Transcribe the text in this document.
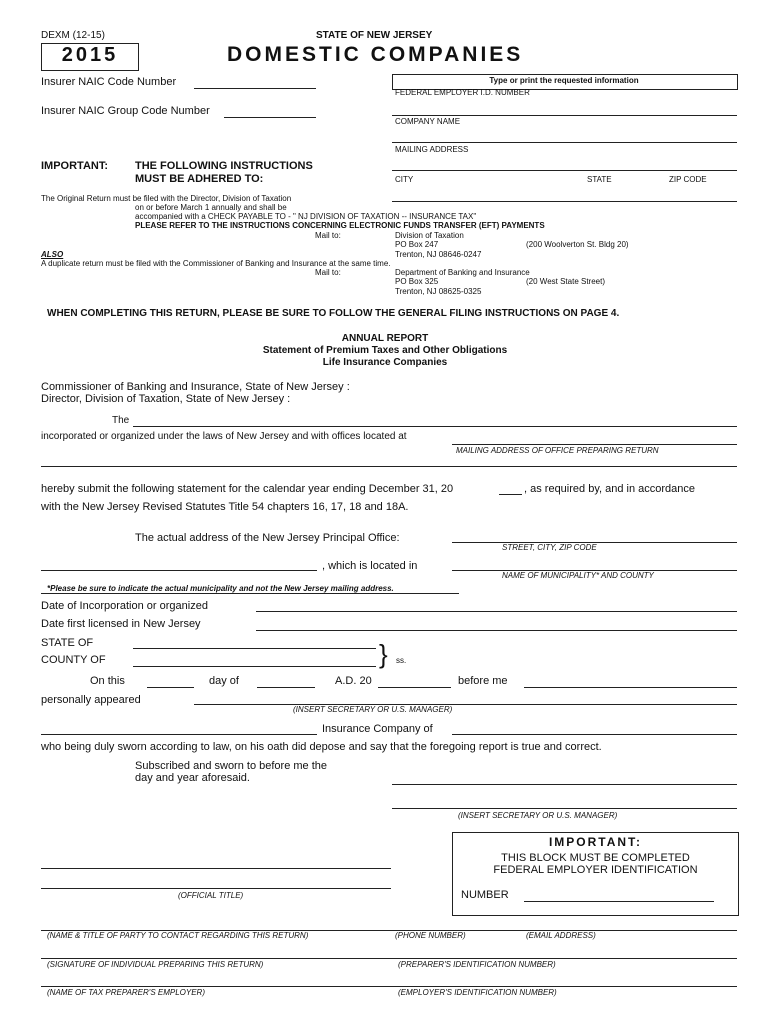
DEXM (12-15)	STATE OF NEW JERSEY
2015	DOMESTIC COMPANIES
Insurer NAIC Code Number
Insurer NAIC Group Code Number
Type or print the requested information
FEDERAL EMPLOYER I.D. NUMBER
COMPANY NAME
MAILING ADDRESS
CITY	STATE	ZIP CODE
IMPORTANT: THE FOLLOWING INSTRUCTIONS
MUST BE ADHERED TO:
The Original Return must be filed with the Director, Division of Taxation
on or before March 1 annually and shall be
accompanied with a CHECK PAYABLE TO - " NJ DIVISION OF TAXATION -- INSURANCE TAX"
PLEASE REFER TO THE INSTRUCTIONS CONCERNING ELECTRONIC FUNDS TRANSFER (EFT) PAYMENTS
Mail to:	Division of Taxation
PO Box 247	(200 Woolverton St. Bldg 20)
Trenton, NJ 08646-0247
ALSO
A duplicate return must be filed with the Commissioner of Banking and Insurance at the same time.
Mail to:	Department of Banking and Insurance
PO Box 325	(20 West State Street)
Trenton, NJ 08625-0325
WHEN COMPLETING THIS RETURN, PLEASE BE SURE TO FOLLOW THE GENERAL FILING INSTRUCTIONS ON PAGE 4.
ANNUAL REPORT
Statement of Premium Taxes and Other Obligations
Life Insurance Companies
Commissioner of Banking and Insurance, State of New Jersey :
Director, Division of Taxation, State of New Jersey :
The
incorporated or organized under the laws of New Jersey and with offices located at
MAILING ADDRESS OF OFFICE PREPARING RETURN
hereby submit the following statement for the calendar year ending December 31, 20	, as required by, and in accordance
with the New Jersey Revised Statutes Title 54 chapters 16, 17, 18 and 18A.
The actual address of the New Jersey Principal Office:
STREET, CITY, ZIP CODE
, which is located in
NAME OF MUNICIPALITY* AND COUNTY
*Please be sure to indicate the actual municipality and not the New Jersey mailing address.
Date of Incorporation or organized
Date first licensed in New Jersey
STATE OF
COUNTY OF	} ss.
On this	day of	A.D. 20	before me
personally appeared
(INSERT SECRETARY OR U.S. MANAGER)
Insurance Company of
who being duly sworn according to law, on his oath did depose and say that the foregoing report is true and correct.
Subscribed and sworn to before me the
day and year aforesaid.
(INSERT SECRETARY OR U.S. MANAGER)
IMPORTANT:
THIS BLOCK MUST BE COMPLETED
FEDERAL EMPLOYER IDENTIFICATION
NUMBER
(OFFICIAL TITLE)
(NAME & TITLE OF PARTY TO CONTACT REGARDING THIS RETURN)	(PHONE NUMBER)	(EMAIL ADDRESS)
(SIGNATURE OF INDIVIDUAL PREPARING THIS RETURN)	(PREPARER'S IDENTIFICATION NUMBER)
(NAME OF TAX PREPARER'S EMPLOYER)	(EMPLOYER'S IDENTIFICATION NUMBER)
